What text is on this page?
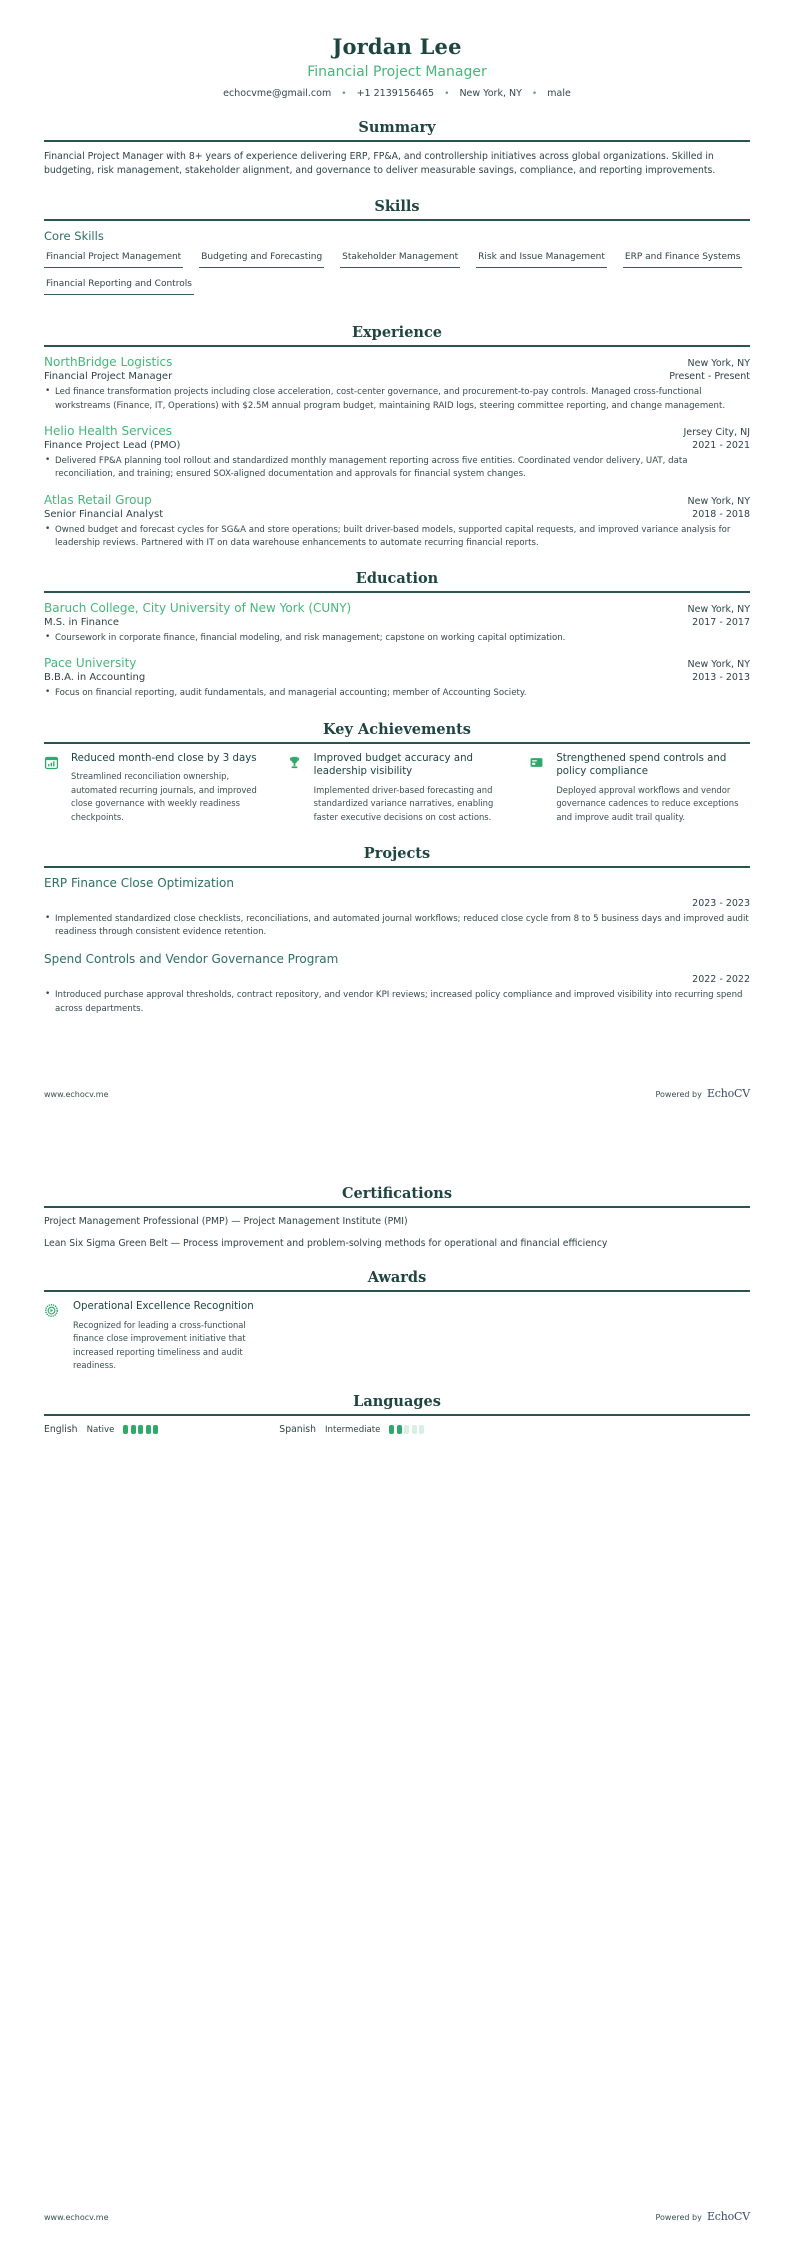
Jordan Lee
Financial Project Manager
echocvme@gmail.com • +1 2139156465 • New York, NY • male
Summary
Financial Project Manager with 8+ years of experience delivering ERP, FP&A, and controllership initiatives across global organizations. Skilled in budgeting, risk management, stakeholder alignment, and governance to deliver measurable savings, compliance, and reporting improvements.
Skills
Core Skills
Financial Project Management Budgeting and Forecasting Stakeholder Management Risk and Issue Management ERP and Finance Systems
Financial Reporting and Controls
Experience
NorthBridge Logistics	New York, NY
Financial Project Manager	Present - Present
• Led finance transformation projects including close acceleration, cost-center governance, and procurement-to-pay controls. Managed cross-functional workstreams (Finance, IT, Operations) with $2.5M annual program budget, maintaining RAID logs, steering committee reporting, and change management.
Helio Health Services	Jersey City, NJ
Finance Project Lead (PMO)	2021 - 2021
• Delivered FP&A planning tool rollout and standardized monthly management reporting across five entities. Coordinated vendor delivery, UAT, data reconciliation, and training; ensured SOX-aligned documentation and approvals for financial system changes.
Atlas Retail Group	New York, NY
Senior Financial Analyst	2018 - 2018
• Owned budget and forecast cycles for SG&A and store operations; built driver-based models, supported capital requests, and improved variance analysis for leadership reviews. Partnered with IT on data warehouse enhancements to automate recurring financial reports.
Education
Baruch College, City University of New York (CUNY)	New York, NY
M.S. in Finance	2017 - 2017
• Coursework in corporate finance, financial modeling, and risk management; capstone on working capital optimization.
Pace University	New York, NY
B.B.A. in Accounting	2013 - 2013
• Focus on financial reporting, audit fundamentals, and managerial accounting; member of Accounting Society.
Key Achievements
Reduced month-end close by 3 days
Streamlined reconciliation ownership, automated recurring journals, and improved close governance with weekly readiness checkpoints.
Improved budget accuracy and leadership visibility
Implemented driver-based forecasting and standardized variance narratives, enabling faster executive decisions on cost actions.
Strengthened spend controls and policy compliance
Deployed approval workflows and vendor governance cadences to reduce exceptions and improve audit trail quality.
Projects
ERP Finance Close Optimization
2023 - 2023
• Implemented standardized close checklists, reconciliations, and automated journal workflows; reduced close cycle from 8 to 5 business days and improved audit readiness through consistent evidence retention.
Spend Controls and Vendor Governance Program
2022 - 2022
• Introduced purchase approval thresholds, contract repository, and vendor KPI reviews; increased policy compliance and improved visibility into recurring spend across departments.
www.echocv.me	Powered by EchoCV
Certifications
Project Management Professional (PMP) — Project Management Institute (PMI)
Lean Six Sigma Green Belt — Process improvement and problem-solving methods for operational and financial efficiency
Awards
Operational Excellence Recognition
Recognized for leading a cross-functional finance close improvement initiative that increased reporting timeliness and audit readiness.
Languages
English Native	Spanish Intermediate
www.echocv.me	Powered by EchoCV
